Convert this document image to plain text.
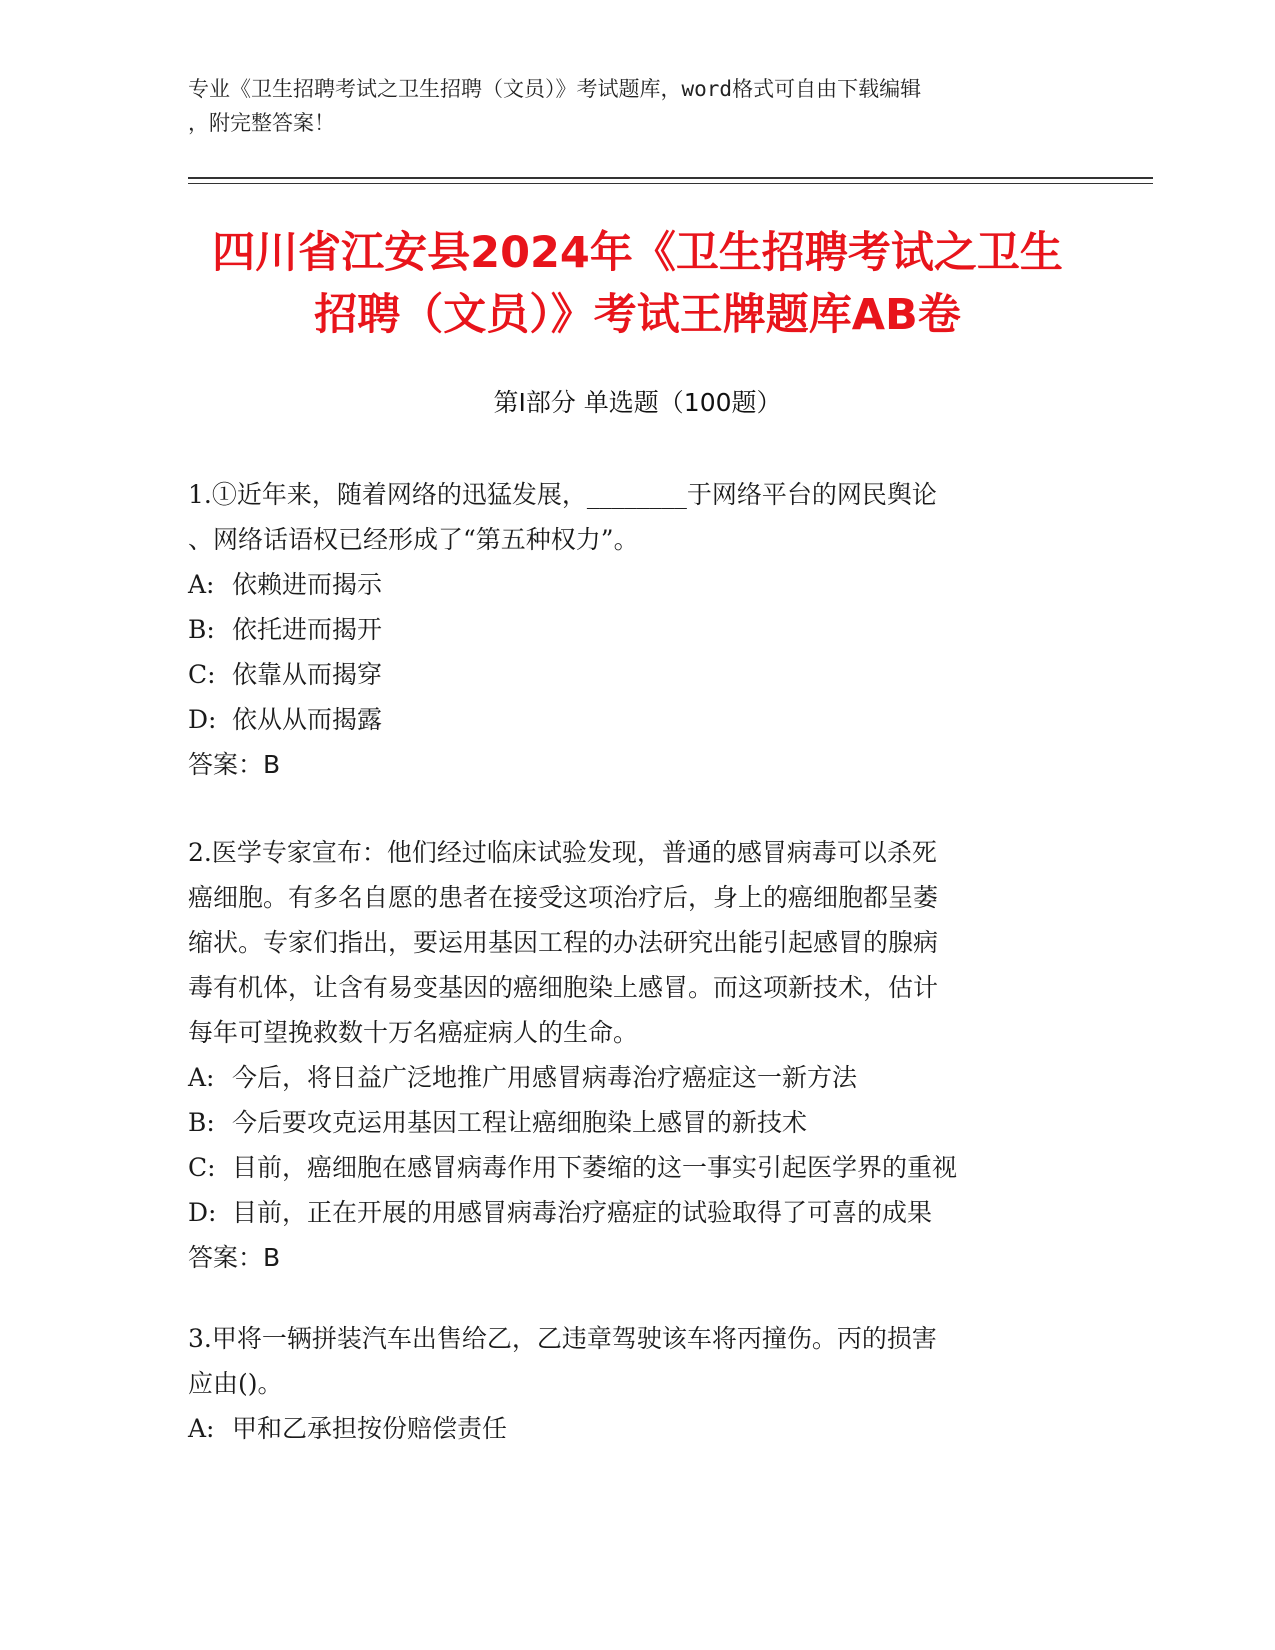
专业《卫生招聘考试之卫生招聘（文员）》考试题库，word格式可自由下载编辑
，附完整答案！
四川省江安县2024年《卫生招聘考试之卫生
招聘（文员）》考试王牌题库AB卷
第Ⅰ部分 单选题（100题）
1.①近年来，随着网络的迅猛发展，________于网络平台的网民舆论
、网络话语权已经形成了“第五种权力”。
A: 依赖进而揭示
B: 依托进而揭开
C: 依靠从而揭穿
D: 依从从而揭露
答案：B
2.医学专家宣布：他们经过临床试验发现，普通的感冒病毒可以杀死
癌细胞。有多名自愿的患者在接受这项治疗后，身上的癌细胞都呈萎
缩状。专家们指出，要运用基因工程的办法研究出能引起感冒的腺病
毒有机体，让含有易变基因的癌细胞染上感冒。而这项新技术，估计
每年可望挽救数十万名癌症病人的生命。
A: 今后，将日益广泛地推广用感冒病毒治疗癌症这一新方法
B: 今后要攻克运用基因工程让癌细胞染上感冒的新技术
C: 目前，癌细胞在感冒病毒作用下萎缩的这一事实引起医学界的重视
D: 目前，正在开展的用感冒病毒治疗癌症的试验取得了可喜的成果
答案：B
3.甲将一辆拼装汽车出售给乙，乙违章驾驶该车将丙撞伤。丙的损害
应由()。
A: 甲和乙承担按份赔偿责任
